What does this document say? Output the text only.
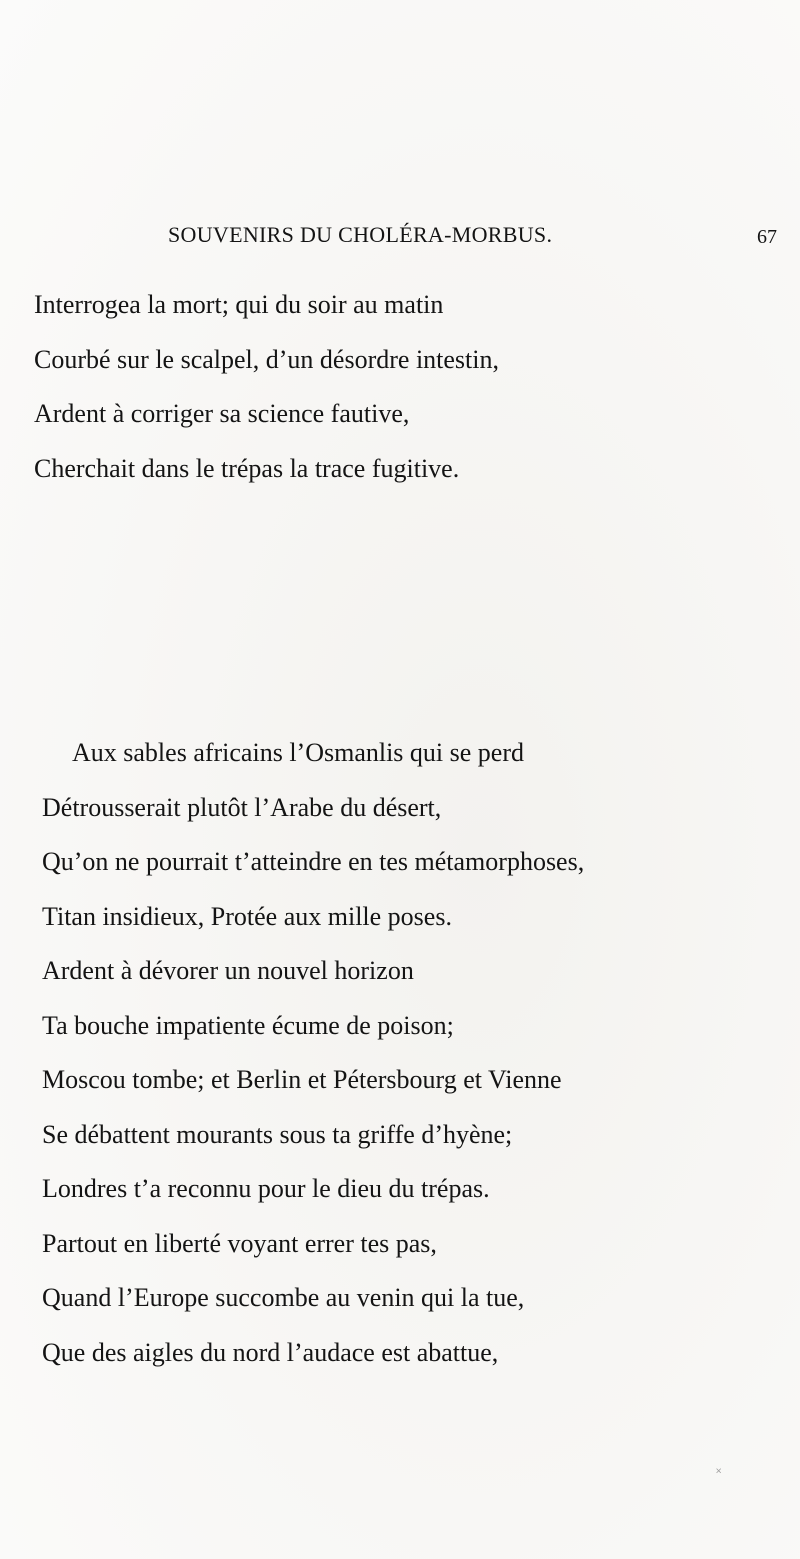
SOUVENIRS DU CHOLÉRA-MORBUS.	67
Interrogea la mort; qui du soir au matin
Courbé sur le scalpel, d’un désordre intestin,
Ardent à corriger sa science fautive,
Cherchait dans le trépas la trace fugitive.
Aux sables africains l’Osmanlis qui se perd
Détrousserait plutôt l’Arabe du désert,
Qu’on ne pourrait t’atteindre en tes métamorphoses,
Titan insidieux, Protée aux mille poses.
Ardent à dévorer un nouvel horizon
Ta bouche impatiente écume de poison;
Moscou tombe; et Berlin et Pétersbourg et Vienne
Se débattent mourants sous ta griffe d’hyène;
Londres t’a reconnu pour le dieu du trépas.
Partout en liberté voyant errer tes pas,
Quand l’Europe succombe au venin qui la tue,
Que des aigles du nord l’audace est abattue,
˟
